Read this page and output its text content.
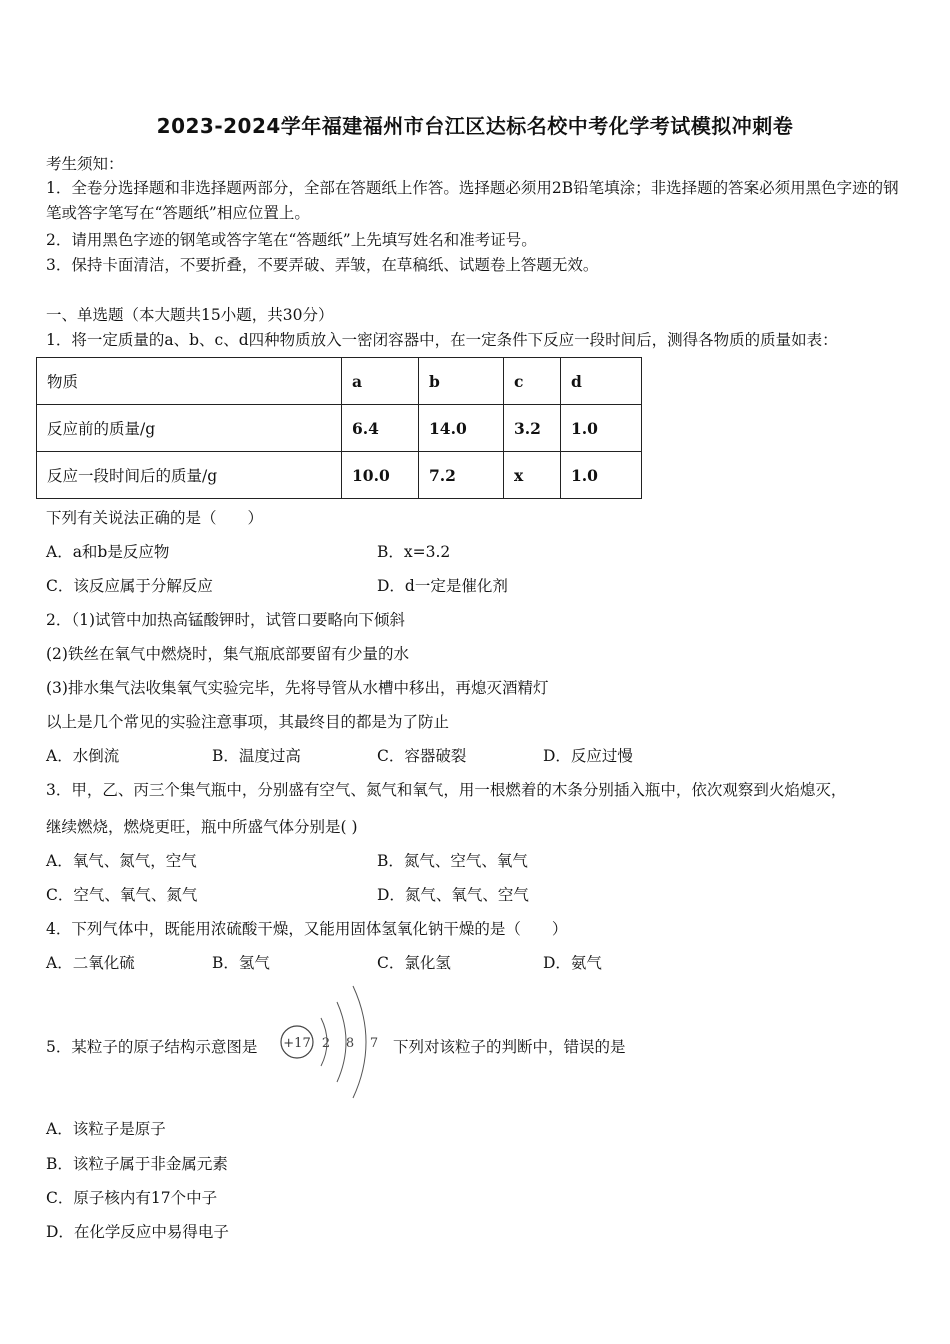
2023-2024学年福建福州市台江区达标名校中考化学考试模拟冲刺卷
考生须知：
1．全卷分选择题和非选择题两部分，全部在答题纸上作答。选择题必须用2B铅笔填涂；非选择题的答案必须用黑色字迹的钢笔或答字笔写在“答题纸”相应位置上。
2．请用黑色字迹的钢笔或答字笔在“答题纸”上先填写姓名和准考证号。
3．保持卡面清洁，不要折叠，不要弄破、弄皱，在草稿纸、试题卷上答题无效。
一、单选题（本大题共15小题，共30分）
1．将一定质量的a、b、c、d四种物质放入一密闭容器中，在一定条件下反应一段时间后，测得各物质的质量如表：
物质	a	b	c	d
反应前的质量/g	6.4	14.0	3.2	1.0
反应一段时间后的质量/g	10.0	7.2	x	1.0
下列有关说法正确的是（　　）
A．a和b是反应物	B．x=3.2
C．该反应属于分解反应	D．d一定是催化剂
2．（1)试管中加热高锰酸钾时，试管口要略向下倾斜
(2)铁丝在氧气中燃烧时，集气瓶底部要留有少量的水
(3)排水集气法收集氧气实验完毕，先将导管从水槽中移出，再熄灭酒精灯
以上是几个常见的实验注意事项，其最终目的都是为了防止
A．水倒流	B．温度过高	C．容器破裂	D．反应过慢
3．甲，乙、丙三个集气瓶中，分别盛有空气、氮气和氧气，用一根燃着的木条分别插入瓶中，依次观察到火焰熄灭，
继续燃烧，燃烧更旺，瓶中所盛气体分别是( )
A．氧气、氮气，空气	B．氮气、空气、氧气
C．空气、氧气、氮气	D．氮气、氧气、空气
4．下列气体中，既能用浓硫酸干燥，又能用固体氢氧化钠干燥的是（　　）
A．二氧化硫	B．氢气	C．氯化氢	D．氨气
5．某粒子的原子结构示意图是 +17 2 8 7 下列对该粒子的判断中，错误的是
A．该粒子是原子
B．该粒子属于非金属元素
C．原子核内有17个中子
D．在化学反应中易得电子
